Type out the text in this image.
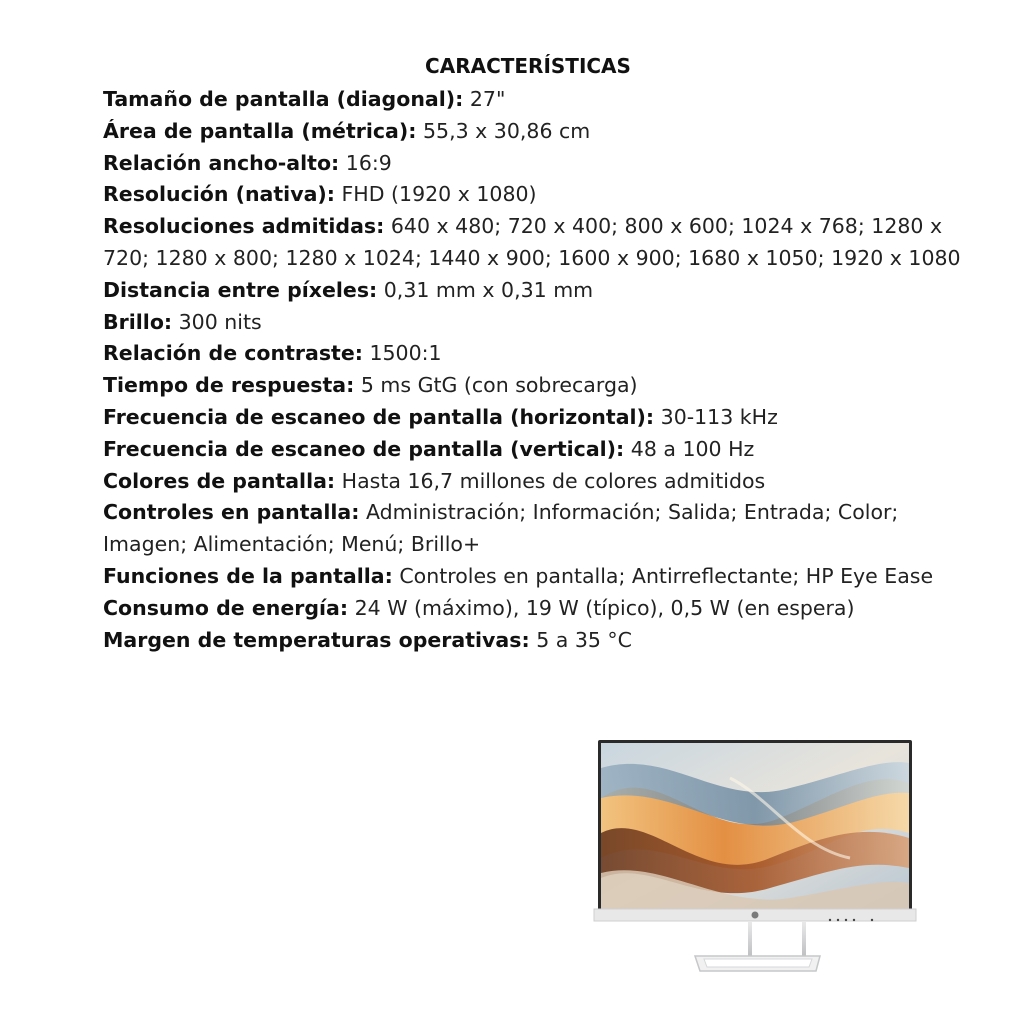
CARACTERÍSTICAS

Tamaño de pantalla (diagonal): 27"

Área de pantalla (métrica): 55,3 x 30,86 cm

Relación ancho-alto: 16:9

Resolución (nativa): FHD (1920 x 1080)

Resoluciones admitidas: 640 x 480; 720 x 400; 800 x 600; 1024 x 768; 1280 x 720; 1280 x 800; 1280 x 1024; 1440 x 900; 1600 x 900; 1680 x 1050; 1920 x 1080

Distancia entre píxeles: 0,31 mm x 0,31 mm

Brillo: 300 nits

Relación de contraste: 1500:1

Tiempo de respuesta: 5 ms GtG (con sobrecarga)

Frecuencia de escaneo de pantalla (horizontal): 30-113 kHz

Frecuencia de escaneo de pantalla (vertical): 48 a 100 Hz

Colores de pantalla: Hasta 16,7 millones de colores admitidos

Controles en pantalla: Administración; Información; Salida; Entrada; Color; Imagen; Alimentación; Menú; Brillo+

Funciones de la pantalla: Controles en pantalla; Antirreflectante; HP Eye Ease

Consumo de energía: 24 W (máximo), 19 W (típico), 0,5 W (en espera)

Margen de temperaturas operativas: 5 a 35 °C
